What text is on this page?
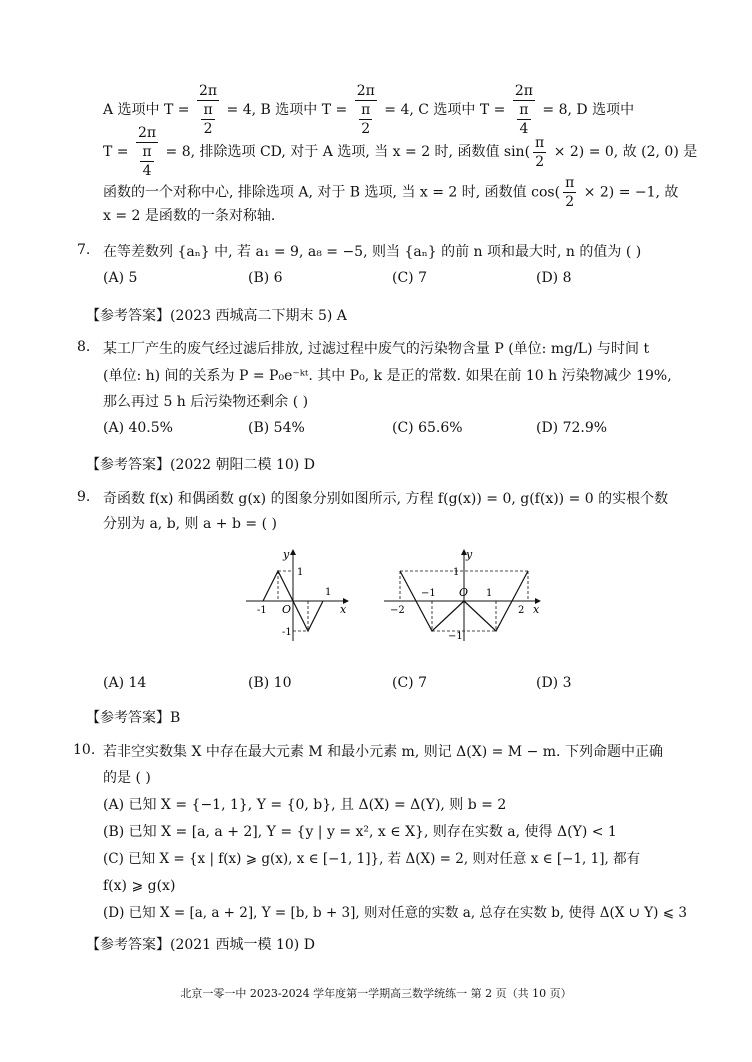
A 选项中 $T = \frac{2\pi}{\frac{\pi}{2}} = 4$, B 选项中 $T = \frac{2\pi}{\frac{\pi}{2}} = 4$, C 选项中 $T = \frac{2\pi}{\frac{\pi}{4}} = 8$, D 选项中
$T = \frac{2\pi}{\frac{\pi}{4}} = 8$, 排除选项 CD, 对于 A 选项, 当 x = 2 时, 函数值 $\sin( \frac{\pi}{2} \times 2) = 0$, 故 (2, 0) 是
函数的一个对称中心, 排除选项 A, 对于 B 选项, 当 x = 2 时, 函数值 $\cos( \frac{\pi}{2} \times 2) = -1$, 故
x = 2 是函数的一条对称轴.
7. 在等差数列 {aₙ} 中, 若 a₁ = 9, a₈ = −5, 则当 {aₙ} 的前 n 项和最大时, n 的值为 ( )
(A) 5	(B) 6	(C) 7	(D) 8
【参考答案】(2023 西城高二下期末 5) A
8. 某工厂产生的废气经过滤后排放, 过滤过程中废气的污染物含量 P (单位: mg/L) 与时间 t
(单位: h) 间的关系为 P = P₀e⁻ᵏᵗ. 其中 P₀, k 是正的常数. 如果在前 10 h 污染物减少 19%,
那么再过 5 h 后污染物还剩余 ( )
(A) 40.5%	(B) 54%	(C) 65.6%	(D) 72.9%
【参考答案】(2022 朝阳二模 10) D
9. 奇函数 f(x) 和偶函数 g(x) 的图象分别如图所示, 方程 f(g(x)) = 0, g(f(x)) = 0 的实根个数
分别为 a, b, 则 a + b = ( )
y
x
O
-1
1
1
-1
y
x
O
−2
−1	1
2
1
−1
(A) 14	(B) 10	(C) 7	(D) 3
【参考答案】B
10. 若非空实数集 X 中存在最大元素 M 和最小元素 m, 则记 Δ(X) = M − m. 下列命题中正确
的是 ( )
(A) 已知 X = {−1, 1}, Y = {0, b}, 且 Δ(X) = Δ(Y), 则 b = 2
(B) 已知 X = [a, a + 2], Y = {y | y = x², x ∈ X}, 则存在实数 a, 使得 Δ(Y) < 1
(C) 已知 X = {x | f(x) ⩾ g(x), x ∈ [−1, 1]}, 若 Δ(X) = 2, 则对任意 x ∈ [−1, 1], 都有
f(x) ⩾ g(x)
(D) 已知 X = [a, a + 2], Y = [b, b + 3], 则对任意的实数 a, 总存在实数 b, 使得 Δ(X ∪ Y) ⩽ 3
【参考答案】(2021 西城一模 10) D
北京一零一中 2023-2024 学年度第一学期高三数学统练一 第 2 页（共 10 页）
